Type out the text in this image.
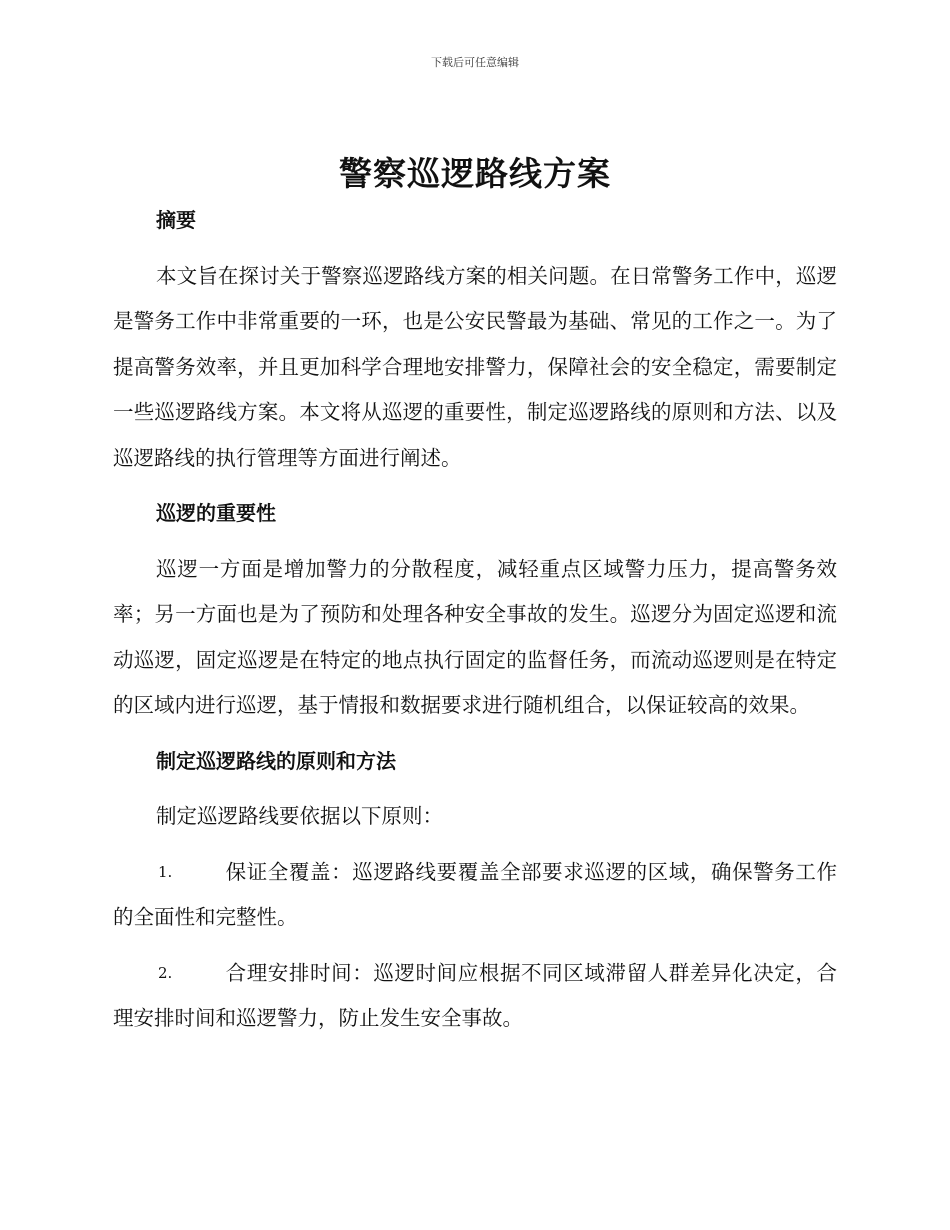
下载后可任意编辑
警察巡逻路线方案

摘要

本文旨在探讨关于警察巡逻路线方案的相关问题。在日常警务工作中，巡逻是警务工作中非常重要的一环，也是公安民警最为基础、常见的工作之一。为了提高警务效率，并且更加科学合理地安排警力，保障社会的安全稳定，需要制定一些巡逻路线方案。本文将从巡逻的重要性，制定巡逻路线的原则和方法、以及巡逻路线的执行管理等方面进行阐述。

巡逻的重要性

巡逻一方面是增加警力的分散程度，减轻重点区域警力压力，提高警务效率；另一方面也是为了预防和处理各种安全事故的发生。巡逻分为固定巡逻和流动巡逻，固定巡逻是在特定的地点执行固定的监督任务，而流动巡逻则是在特定的区域内进行巡逻，基于情报和数据要求进行随机组合，以保证较高的效果。

制定巡逻路线的原则和方法

制定巡逻路线要依据以下原则：

1.	保证全覆盖：巡逻路线要覆盖全部要求巡逻的区域，确保警务工作的全面性和完整性。

2.	合理安排时间：巡逻时间应根据不同区域滞留人群差异化决定，合理安排时间和巡逻警力，防止发生安全事故。
